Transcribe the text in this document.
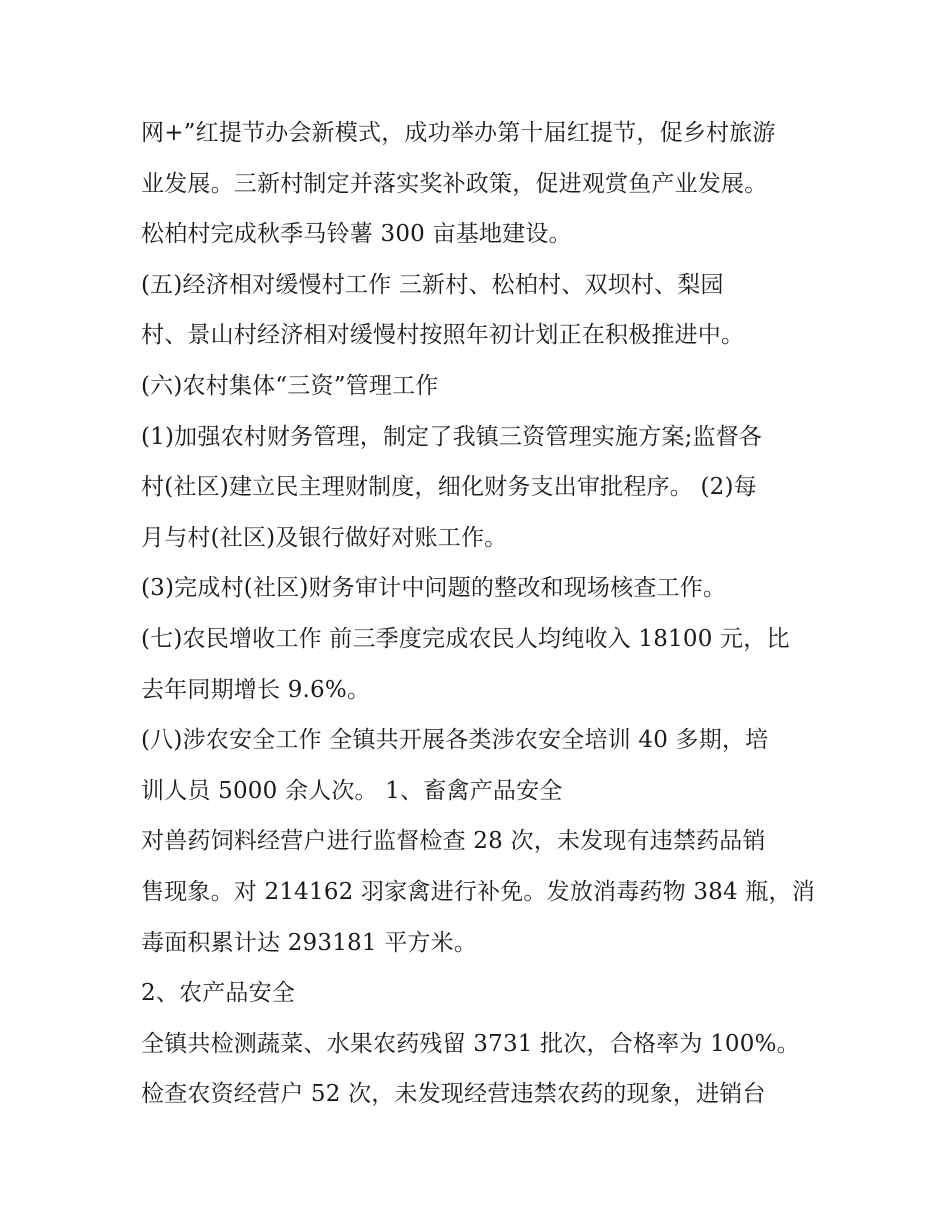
网+”红提节办会新模式，成功举办第十届红提节，促乡村旅游
业发展。三新村制定并落实奖补政策，促进观赏鱼产业发展。
松柏村完成秋季马铃薯 300 亩基地建设。
(五)经济相对缓慢村工作 三新村、松柏村、双坝村、梨园
村、景山村经济相对缓慢村按照年初计划正在积极推进中。
(六)农村集体“三资”管理工作
(1)加强农村财务管理，制定了我镇三资管理实施方案;监督各
村(社区)建立民主理财制度，细化财务支出审批程序。 (2)每
月与村(社区)及银行做好对账工作。
(3)完成村(社区)财务审计中问题的整改和现场核查工作。
(七)农民增收工作 前三季度完成农民人均纯收入 18100 元，比
去年同期增长 9.6%。
(八)涉农安全工作 全镇共开展各类涉农安全培训 40 多期，培
训人员 5000 余人次。 1、畜禽产品安全
对兽药饲料经营户进行监督检查 28 次，未发现有违禁药品销
售现象。对 214162 羽家禽进行补免。发放消毒药物 384 瓶，消
毒面积累计达 293181 平方米。
2、农产品安全
全镇共检测蔬菜、水果农药残留 3731 批次，合格率为 100%。
检查农资经营户 52 次，未发现经营违禁农药的现象，进销台
